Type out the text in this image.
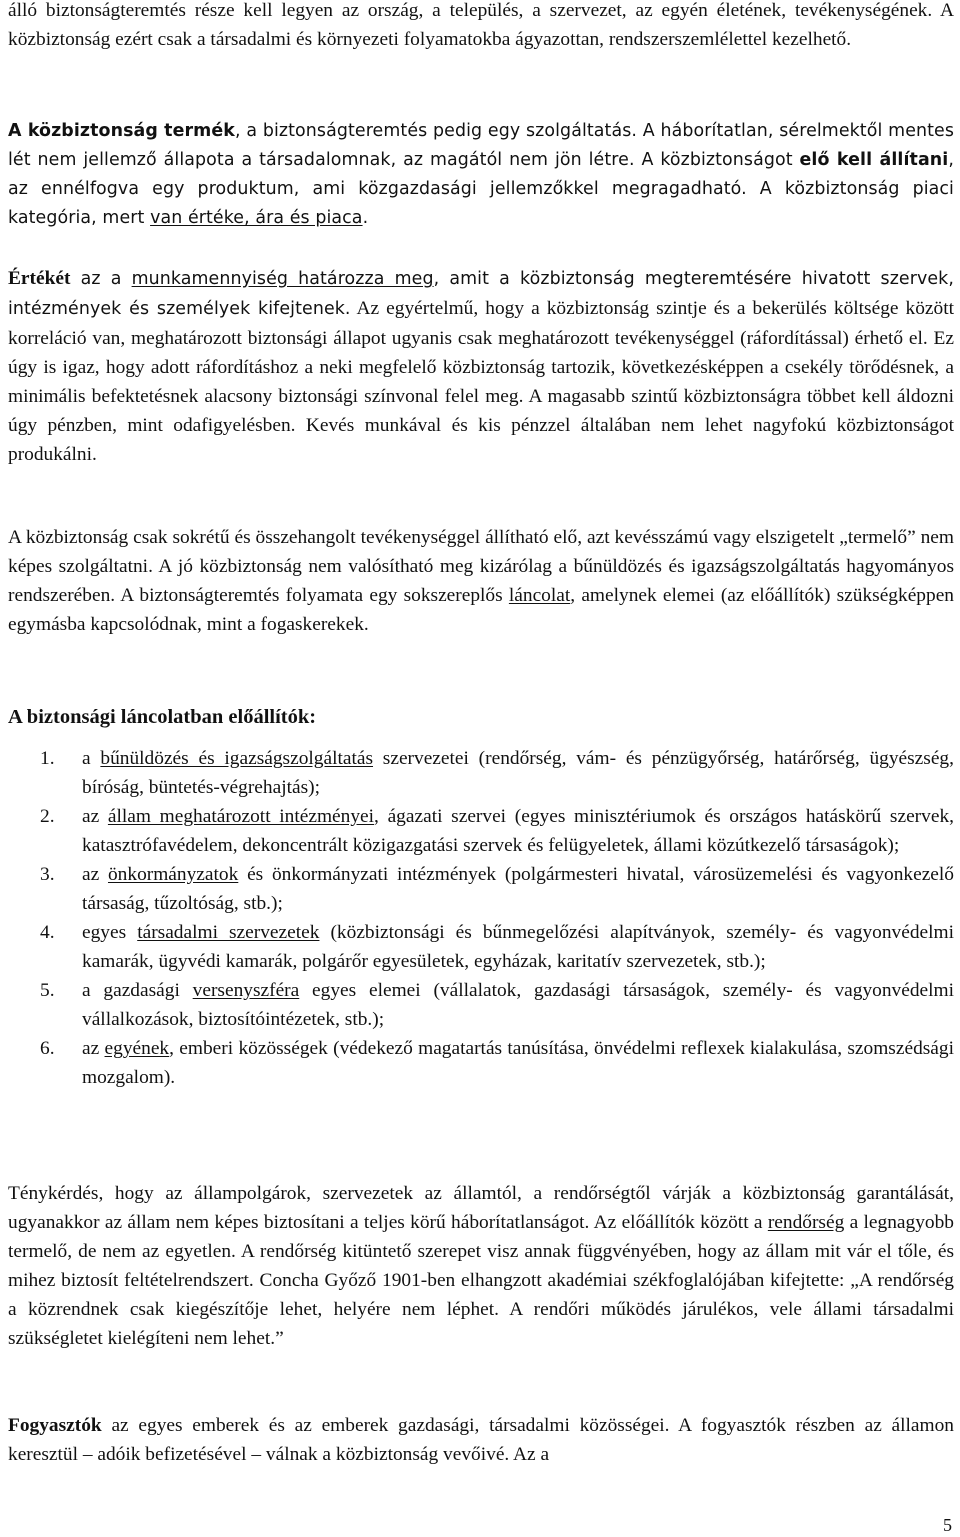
álló biztonságteremtés része kell legyen az ország, a település, a szervezet, az egyén életének, tevékenységének. A közbiztonság ezért csak a társadalmi és környezeti folyamatokba ágyazottan, rendszerszemlélettel kezelhető.

A közbiztonság termék, a biztonságteremtés pedig egy szolgáltatás. A háborítatlan, sérelmektől mentes lét nem jellemző állapota a társadalomnak, az magától nem jön létre. A közbiztonságot elő kell állítani, az ennélfogva egy produktum, ami közgazdasági jellemzőkkel megragadható. A közbiztonság piaci kategória, mert van értéke, ára és piaca.

Értékét az a munkamennyiség határozza meg, amit a közbiztonság megteremtésére hivatott szervek, intézmények és személyek kifejtenek. Az egyértelmű, hogy a közbiztonság szintje és a bekerülés költsége között korreláció van, meghatározott biztonsági állapot ugyanis csak meghatározott tevékenységgel (ráfordítással) érhető el. Ez úgy is igaz, hogy adott ráfordításhoz a neki megfelelő közbiztonság tartozik, következésképpen a csekély törődésnek, a minimális befektetésnek alacsony biztonsági színvonal felel meg. A magasabb szintű közbiztonságra többet kell áldozni úgy pénzben, mint odafigyelésben. Kevés munkával és kis pénzzel általában nem lehet nagyfokú közbiztonságot produkálni.

A közbiztonság csak sokrétű és összehangolt tevékenységgel állítható elő, azt kevésszámú vagy elszigetelt „termelő” nem képes szolgáltatni. A jó közbiztonság nem valósítható meg kizárólag a bűnüldözés és igazságszolgáltatás hagyományos rendszerében. A biztonságteremtés folyamata egy sokszereplős láncolat, amelynek elemei (az előállítók) szükségképpen egymásba kapcsolódnak, mint a fogaskerekek.

A biztonsági láncolatban előállítók:
1. a bűnüldözés és igazságszolgáltatás szervezetei (rendőrség, vám- és pénzügyőrség, határőrség, ügyészség, bíróság, büntetés-végrehajtás);
2. az állam meghatározott intézményei, ágazati szervei (egyes minisztériumok és országos hatáskörű szervek, katasztrófavédelem, dekoncentrált közigazgatási szervek és felügyeletek, állami közútkezelő társaságok);
3. az önkormányzatok és önkormányzati intézmények (polgármesteri hivatal, városüzemelési és vagyonkezelő társaság, tűzoltóság, stb.);
4. egyes társadalmi szervezetek (közbiztonsági és bűnmegelőzési alapítványok, személy- és vagyonvédelmi kamarák, ügyvédi kamarák, polgárőr egyesületek, egyházak, karitatív szervezetek, stb.);
5. a gazdasági versenyszféra egyes elemei (vállalatok, gazdasági társaságok, személy- és vagyonvédelmi vállalkozások, biztosítóintézetek, stb.);
6. az egyének, emberi közösségek (védekező magatartás tanúsítása, önvédelmi reflexek kialakulása, szomszédsági mozgalom).

Ténykérdés, hogy az állampolgárok, szervezetek az államtól, a rendőrségtől várják a közbiztonság garantálását, ugyanakkor az állam nem képes biztosítani a teljes körű háborítatlanságot. Az előállítók között a rendőrség a legnagyobb termelő, de nem az egyetlen. A rendőrség kitüntető szerepet visz annak függvényében, hogy az állam mit vár el tőle, és mihez biztosít feltételrendszert. Concha Győző 1901-ben elhangzott akadémiai székfoglalójában kifejtette: „A rendőrség a közrendnek csak kiegészítője lehet, helyére nem léphet. A rendőri működés járulékos, vele állami társadalmi szükségletet kielégíteni nem lehet.”

Fogyasztók az egyes emberek és az emberek gazdasági, társadalmi közösségei. A fogyasztók részben az államon keresztül – adóik befizetésével – válnak a közbiztonság vevőivé. Az a

5
